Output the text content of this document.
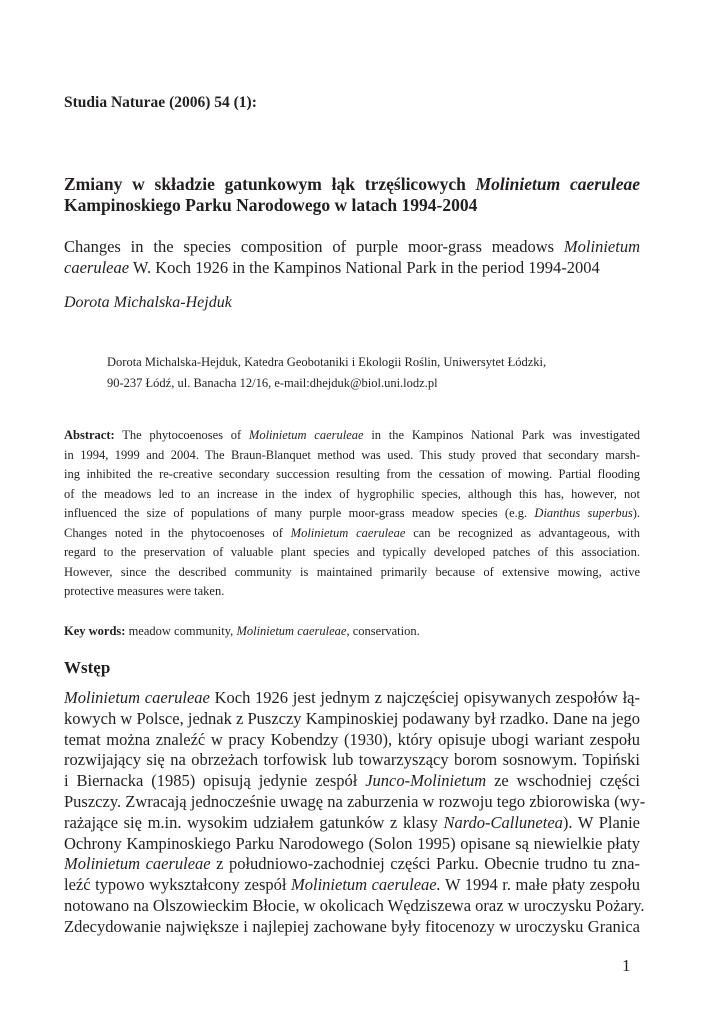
Studia Naturae (2006) 54 (1):
Zmiany w składzie gatunkowym łąk trzęślicowych Molinietum caeruleae
Kampinoskiego Parku Narodowego w latach 1994-2004
Changes in the species composition of purple moor-grass meadows Molinietum
caeruleae W. Koch 1926 in the Kampinos National Park in the period 1994-2004
Dorota Michalska-Hejduk
Dorota Michalska-Hejduk, Katedra Geobotaniki i Ekologii Roślin, Uniwersytet Łódzki,
90-237 Łódź, ul. Banacha 12/16, e-mail:dhejduk@biol.uni.lodz.pl
Abstract: The phytocoenoses of Molinietum caeruleae in the Kampinos National Park was investigated
in 1994, 1999 and 2004. The Braun-Blanquet method was used. This study proved that secondary marsh-
ing inhibited the re-creative secondary succession resulting from the cessation of mowing. Partial flooding
of the meadows led to an increase in the index of hygrophilic species, although this has, however, not
influenced the size of populations of many purple moor-grass meadow species (e.g. Dianthus superbus).
Changes noted in the phytocoenoses of Molinietum caeruleae can be recognized as advantageous, with
regard to the preservation of valuable plant species and typically developed patches of this association.
However, since the described community is maintained primarily because of extensive mowing, active
protective measures were taken.
Key words: meadow community, Molinietum caeruleae, conservation.
Wstęp
Molinietum caeruleae Koch 1926 jest jednym z najczęściej opisywanych zespołów łą-
kowych w Polsce, jednak z Puszczy Kampinoskiej podawany był rzadko. Dane na jego
temat można znaleźć w pracy Kobendzy (1930), który opisuje ubogi wariant zespołu
rozwijający się na obrzeżach torfowisk lub towarzyszący borom sosnowym. Topiński
i Biernacka (1985) opisują jedynie zespół Junco-Molinietum ze wschodniej części
Puszczy. Zwracają jednocześnie uwagę na zaburzenia w rozwoju tego zbiorowiska (wy-
rażające się m.in. wysokim udziałem gatunków z klasy Nardo-Callunetea). W Planie
Ochrony Kampinoskiego Parku Narodowego (Solon 1995) opisane są niewielkie płaty
Molinietum caeruleae z południowo-zachodniej części Parku. Obecnie trudno tu zna-
leźć typowo wykształcony zespół Molinietum caeruleae. W 1994 r. małe płaty zespołu
notowano na Olszowieckim Błocie, w okolicach Wędziszewa oraz w uroczysku Pożary.
Zdecydowanie największe i najlepiej zachowane były fitocenozy w uroczysku Granica
1
